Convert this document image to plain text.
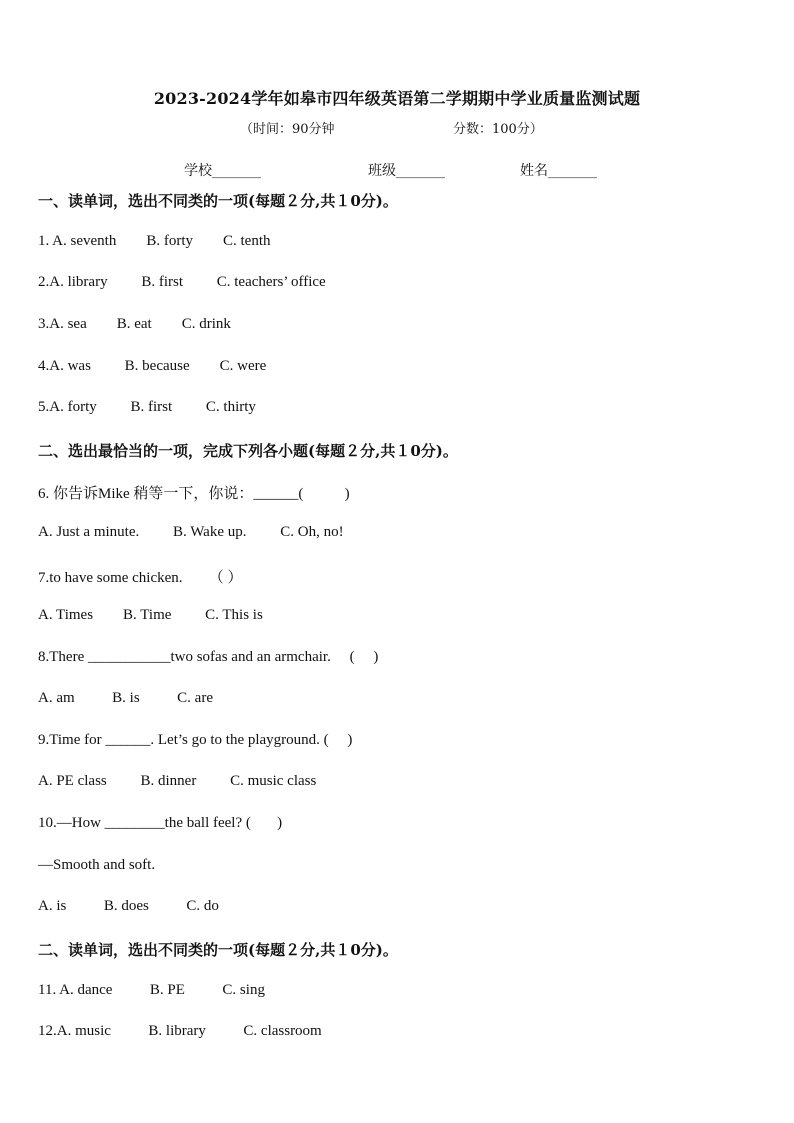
2023-2024学年如皋市四年级英语第二学期期中学业质量监测试题
（时间：90分钟	分数：100分）
学校_______	班级_______	姓名_______
一、读单词，选出不同类的一项(每题２分,共１0分)。
1. A. seventh        B. forty        C. tenth
2.A. library         B. first         C. teachers’ office
3.A. sea        B. eat        C. drink
4.A. was         B. because        C. were
5.A. forty         B. first         C. thirty
二、选出最恰当的一项，完成下列各小题(每题２分,共１0分)。
6. 你告诉Mike 稍等一下，你说：______(           )
A. Just a minute.         B. Wake up.         C. Oh, no!
7.to have some chicken.       （ ）
A. Times        B. Time         C. This is
8.There ___________two sofas and an armchair.     (     )
A. am          B. is          C. are
9.Time for ______. Let’s go to the playground. (     )
A. PE class         B. dinner         C. music class
10.—How ________the ball feel? (       )
—Smooth and soft.
A. is          B. does          C. do
二、读单词，选出不同类的一项(每题２分,共１0分)。
11. A. dance          B. PE          C. sing
12.A. music          B. library          C. classroom
